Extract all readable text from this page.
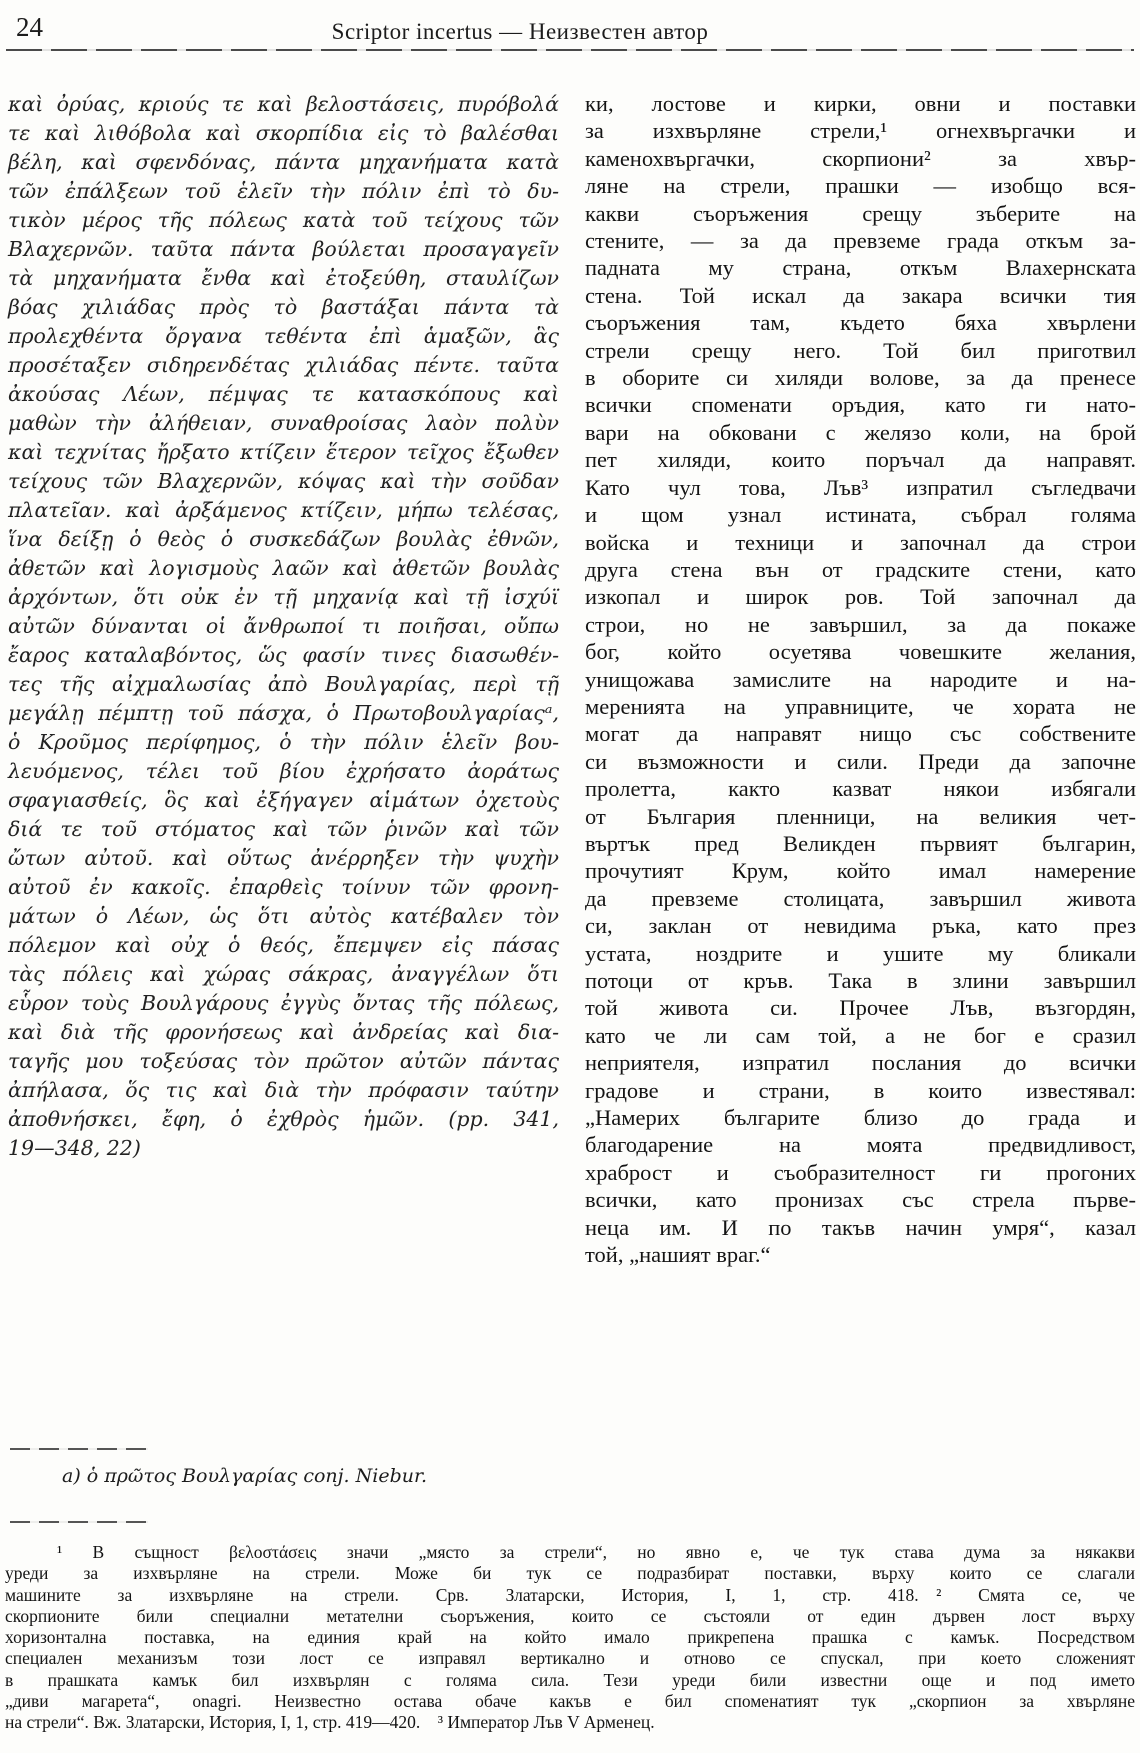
24	Scriptor incertus — Неизвестен автор
καὶ ὀρύας, κριούς τε καὶ βελοστάσεις, πυρόβολά
τε καὶ λιθόβολα καὶ σκορπίδια εἰς τὸ βαλέσθαι
βέλη, καὶ σφενδόνας, πάντα μηχανήματα κατὰ
τῶν ἐπάλξεων τοῦ ἑλεῖν τὴν πόλιν ἐπὶ τὸ δυ-
τικὸν μέρος τῆς πόλεως κατὰ τοῦ τείχους τῶν
Βλαχερνῶν. ταῦτα πάντα βούλεται προσαγαγεῖν
τὰ μηχανήματα ἔνθα καὶ ἐτοξεύθη, σταυλίζων
βόας χιλιάδας πρὸς τὸ βαστάξαι πάντα τὰ
προλεχθέντα ὄργανα τεθέντα ἐπὶ ἁμαξῶν, ἃς
προσέταξεν σιδηρενδέτας χιλιάδας πέντε. ταῦτα
ἀκούσας Λέων, πέμψας τε κατασκόπους καὶ
μαθὼν τὴν ἀλήθειαν, συναθροίσας λαὸν πολὺν
καὶ τεχνίτας ἤρξατο κτίζειν ἕτερον τεῖχος ἔξωθεν
τείχους τῶν Βλαχερνῶν, κόψας καὶ τὴν σοῦδαν
πλατεῖαν. καὶ ἀρξάμενος κτίζειν, μήπω τελέσας,
ἵνα δείξῃ ὁ θεὸς ὁ συσκεδάζων βουλὰς ἐθνῶν,
ἀθετῶν καὶ λογισμοὺς λαῶν καὶ ἀθετῶν βουλὰς
ἀρχόντων, ὅτι οὐκ ἐν τῇ μηχανίᾳ καὶ τῇ ἰσχύϊ
αὐτῶν δύνανται οἱ ἄνθρωποί τι ποιῆσαι, οὔπω
ἔαρος καταλαβόντος, ὥς φασίν τινες διασωθέν-
τες τῆς αἰχμαλωσίας ἀπὸ Βουλγαρίας, περὶ τῇ
μεγάλῃ πέμπτῃ τοῦ πάσχα, ὁ Πρωτοβουλγαρίαςᵃ,
ὁ Κροῦμος περίφημος, ὁ τὴν πόλιν ἑλεῖν βου-
λευόμενος, τέλει τοῦ βίου ἐχρήσατο ἀοράτως
σφαγιασθείς, ὃς καὶ ἐξήγαγεν αἱμάτων ὀχετοὺς
διά τε τοῦ στόματος καὶ τῶν ῥινῶν καὶ τῶν
ὤτων αὐτοῦ. καὶ οὕτως ἀνέρρηξεν τὴν ψυχὴν
αὐτοῦ ἐν κακοῖς. ἐπαρθεὶς τοίνυν τῶν φρονη-
μάτων ὁ Λέων, ὡς ὅτι αὐτὸς κατέβαλεν τὸν
πόλεμον καὶ οὐχ ὁ θεός, ἔπεμψεν εἰς πάσας
τὰς πόλεις καὶ χώρας σάκρας, ἀναγγέλων ὅτι
εὗρον τοὺς Βουλγάρους ἐγγὺς ὄντας τῆς πόλεως,
καὶ διὰ τῆς φρονήσεως καὶ ἀνδρείας καὶ δια-
ταγῆς μου τοξεύσας τὸν πρῶτον αὐτῶν πάντας
ἀπήλασα, ὅς τις καὶ διὰ τὴν πρόφασιν ταύτην
ἀποθνήσκει, ἔφη, ὁ ἐχθρὸς ἡμῶν. (pp. 341,
19—348, 22)
ки, лостове и кирки, овни и поставки
за изхвърляне стрели,¹ огнехвъргачки и
каменохвъргачки, скорпиони² за хвър-
ляне на стрели, прашки — изобщо вся-
какви съоръжения срещу зъберите на
стените, — за да превземе града откъм за-
падната му страна, откъм Влахернската
стена. Той искал да закара всички тия
съоръжения там, където бяха хвърлени
стрели срещу него. Той бил приготвил
в оборите си хиляди волове, за да пренесе
всички споменати оръдия, като ги нато-
вари на обковани с желязо коли, на брой
пет хиляди, които поръчал да направят.
Като чул това, Лъв³ изпратил съгледвачи
и щом узнал истината, събрал голяма
войска и техници и започнал да строи
друга стена вън от градските стени, като
изкопал и широк ров. Той започнал да
строи, но не завършил, за да покаже
бог, който осуетява човешките желания,
унищожава замислите на народите и на-
меренията на управниците, че хората не
могат да направят нищо със собствените
си възможности и сили. Преди да започне
пролетта, както казват някои избягали
от България пленници, на великия чет-
въртък пред Великден първият българин,
прочутият Крум, който имал намерение
да превземе столицата, завършил живота
си, заклан от невидима ръка, като през
устата, ноздрите и ушите му бликали
потоци от кръв. Така в злини завършил
той живота си. Прочее Лъв, възгордян,
като че ли сам той, а не бог е сразил
неприятеля, изпратил послания до всички
градове и страни, в които известявал:
„Намерих българите близо до града и
благодарение на моята предвидливост,
храброст и съобразителност ги прогоних
всички, като пронизах със стрела първе-
неца им. И по такъв начин умря“, казал
той, „нашият враг.“
a) ὁ πρῶτος Βουλγαρίας conj. Niebur.
¹ В същност βελοστάσεις значи „място за стрели“, но явно е, че тук става дума за някакви
уреди за изхвърляне на стрели. Може би тук се подразбират поставки, върху които се слагали
машините за изхвърляне на стрели. Срв. Златарски, История, I, 1, стр. 418. ² Смята се, че
скорпионите били специални метателни съоръжения, които се състояли от един дървен лост върху
хоризонтална поставка, на единия край на който имало прикрепена прашка с камък. Посредством
специален механизъм този лост се изправял вертикално и отново се спускал, при което сложеният
в прашката камък бил изхвърлян с голяма сила. Тези уреди били известни още и под името
„диви магарета“, onagri. Неизвестно остава обаче какъв е бил споменатият тук „скорпион за хвърляне
на стрели“. Вж. Златарски, История, I, 1, стр. 419—420. ³ Император Лъв V Арменец.
